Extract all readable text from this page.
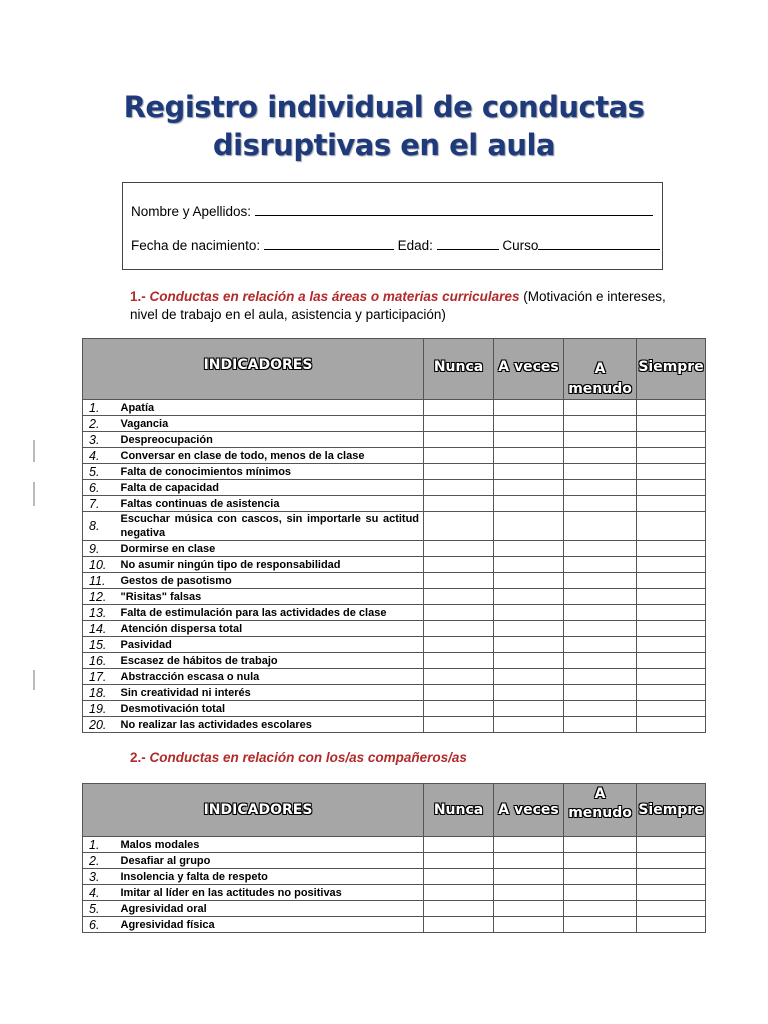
Registro individual de conductas
disruptivas en el aula
Nombre y Apellidos:
Fecha de nacimiento:	Edad:	Curso
1.- Conductas en relación a las áreas o materias curriculares (Motivación e intereses,
nivel de trabajo en el aula, asistencia y participación)
INDICADORES		Nunca	A veces	A
menudo	Siempre
1.	Apatía				
2.	Vagancia				
3.	Despreocupación				
4.	Conversar en clase de todo, menos de la clase				
5.	Falta de conocimientos mínimos				
6.	Falta de capacidad				
7.	Faltas continuas de asistencia				
8.	Escuchar música con cascos, sin importarle su actitud negativa				
9.	Dormirse en clase				
10.	No asumir ningún tipo de responsabilidad				
11.	Gestos de pasotismo				
12.	"Risitas" falsas				
13.	Falta de estimulación para las actividades de clase				
14.	Atención dispersa total				
15.	Pasividad				
16.	Escasez de hábitos de trabajo				
17.	Abstracción escasa o nula				
18.	Sin creatividad ni interés				
19.	Desmotivación total				
20.	No realizar las actividades escolares				
2.- Conductas en relación con los/as compañeros/as
INDICADORES		Nunca	A veces	A
menudo	Siempre
1.	Malos modales				
2.	Desafiar al grupo				
3.	Insolencia y falta de respeto				
4.	Imitar al líder en las actitudes no positivas				
5.	Agresividad oral				
6.	Agresividad física				
